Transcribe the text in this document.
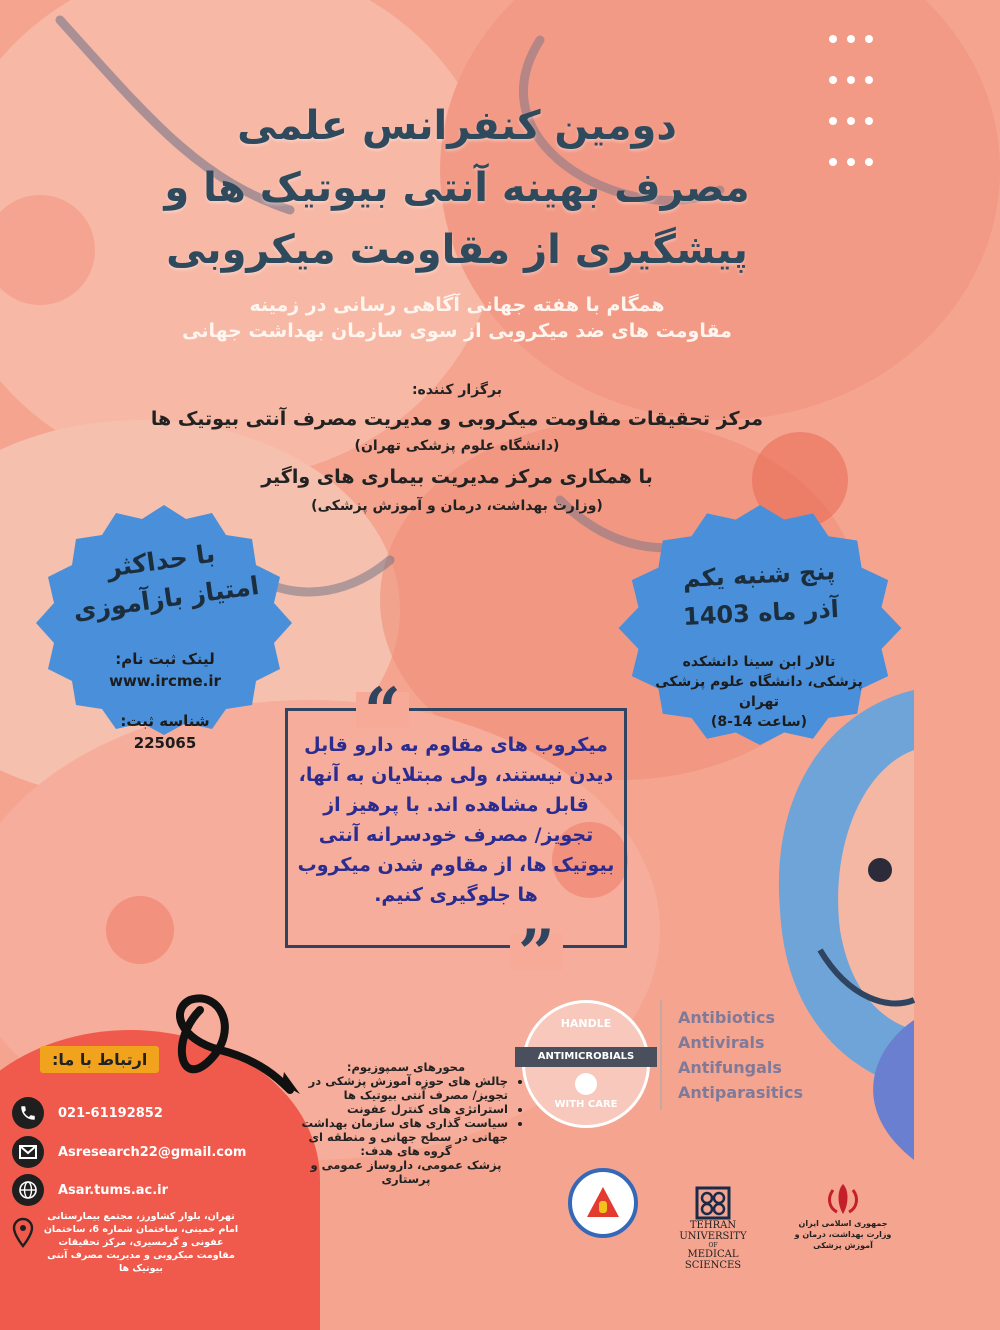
دومین کنفرانس علمی
مصرف بهینه آنتی بیوتیک ها و
پیشگیری از مقاومت میکروبی
همگام با هفته جهانی آگاهی رسانی در زمینه
مقاومت های ضد میکروبی از سوی سازمان بهداشت جهانی
برگزار کننده:
مرکز تحقیقات مقاومت میکروبی و مدیریت مصرف آنتی بیوتیک ها
(دانشگاه علوم پزشکی تهران)
با همکاری مرکز مدیریت بیماری های واگیر
(وزارت بهداشت، درمان و آموزش پزشکی)
با حداکثر
امتیاز بازآموزی
لینک ثبت نام:
www.ircme.ir
شناسه ثبت:
225065
پنج شنبه یکم
آذر ماه 1403
تالار ابن سینا دانشکده
پزشکی، دانشگاه علوم پزشکی
تهران
(ساعت 14-8)
“
میکروب های مقاوم به دارو قابل دیدن نیستند، ولی مبتلایان به آنها، قابل مشاهده اند. با پرهیز از تجویز/ مصرف خودسرانه آنتی بیوتیک ها، از مقاوم شدن میکروب ها جلوگیری کنیم.
”
ارتباط با ما:
021-61192852
Asresearch22@gmail.com
Asar.tums.ac.ir
تهران، بلوار کشاورز، مجتمع بیمارستانی امام خمینی، ساختمان شماره 6، ساختمان عفونی و گرمسیری، مرکز تحقیقات مقاومت میکروبی و مدیریت مصرف آنتی بیوتیک ها
محورهای سمپوزیوم:
• چالش های حوزه آموزش پزشکی در تجویز/ مصرف آنتی بیوتیک ها
• استراتژی های کنترل عفونت
• سیاست گذاری های سازمان بهداشت جهانی در سطح جهانی و منطقه ای
گروه های هدف:
پزشک عمومی، داروساز عمومی و پرستاری
HANDLE
ANTIMICROBIALS
WITH CARE
Antibiotics
Antivirals
Antifungals
Antiparasitics
TEHRAN UNIVERSITY
OF
MEDICAL SCIENCES
جمهوری اسلامی ایران
وزارت بهداشت، درمان و آموزش پزشکی
